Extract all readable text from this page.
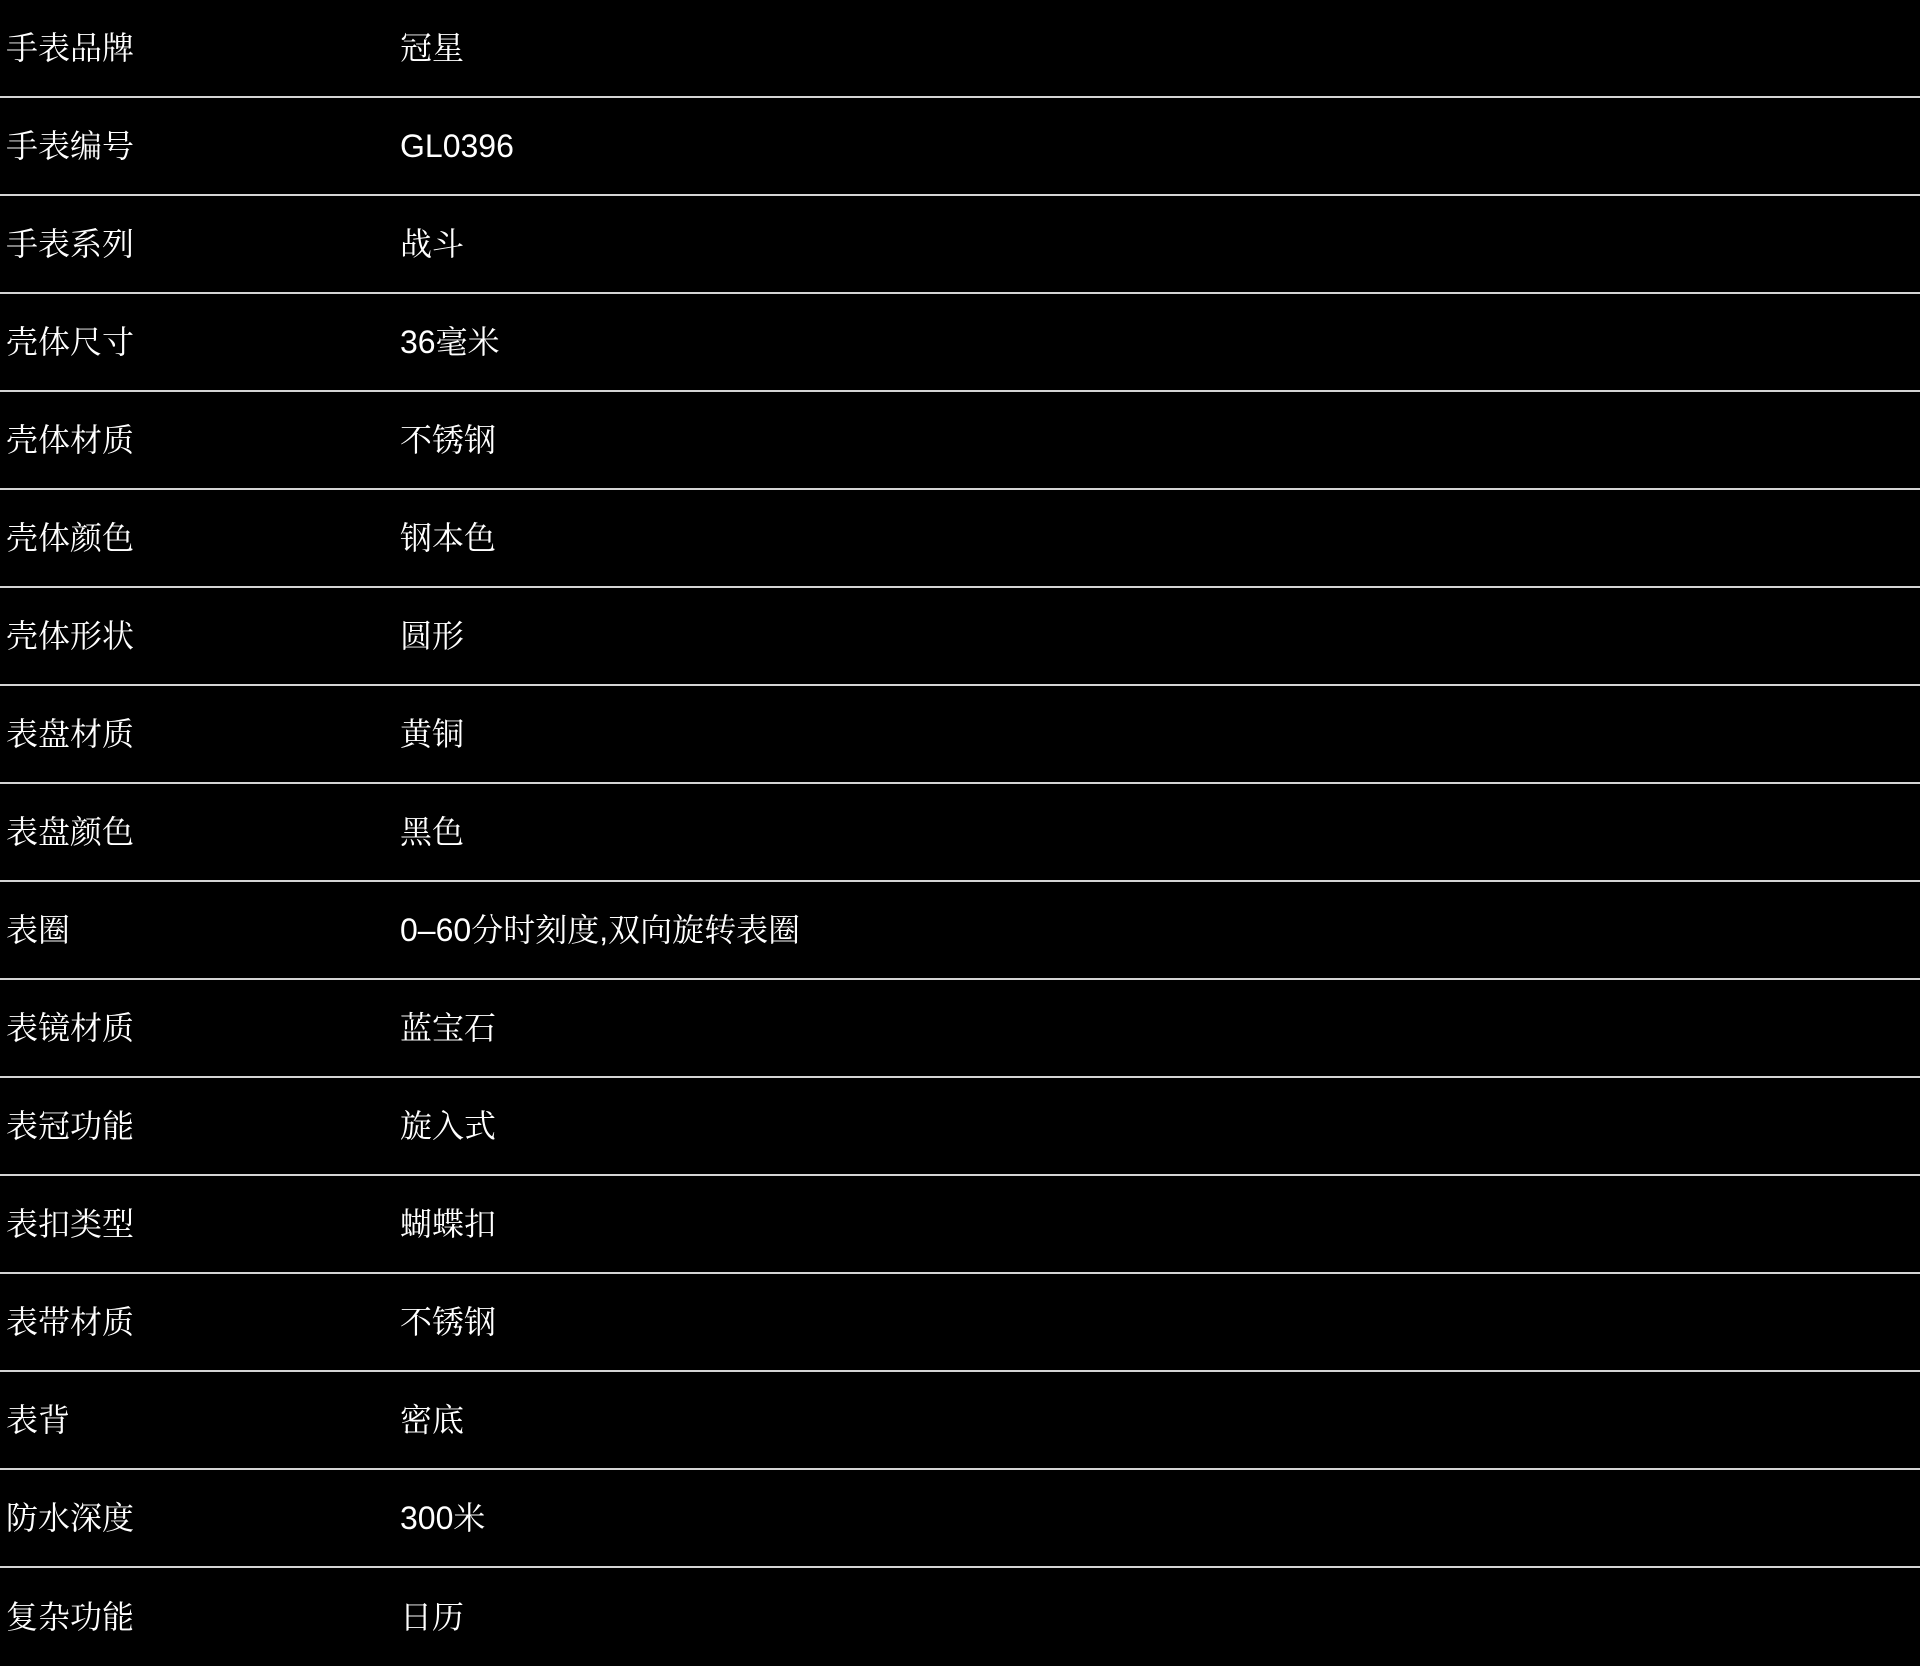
手表品牌	冠星
手表编号	GL0396
手表系列	战斗
壳体尺寸	36毫米
壳体材质	不锈钢
壳体颜色	钢本色
壳体形状	圆形
表盘材质	黄铜
表盘颜色	黑色
表圈	0–60分时刻度,双向旋转表圈
表镜材质	蓝宝石
表冠功能	旋入式
表扣类型	蝴蝶扣
表带材质	不锈钢
表背	密底
防水深度	300米
复杂功能	日历
